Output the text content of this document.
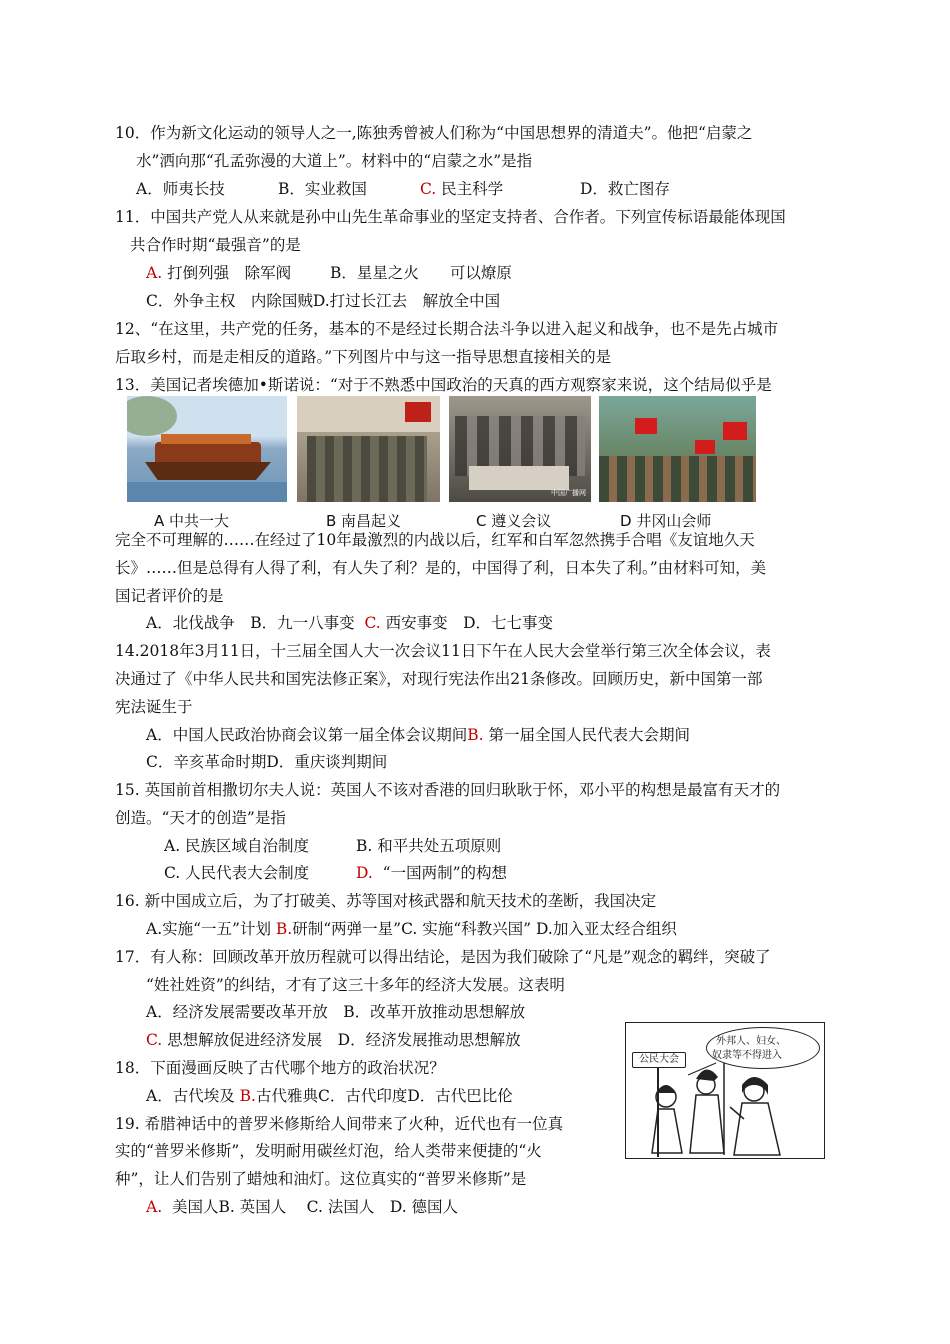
10．作为新文化运动的领导人之一,陈独秀曾被人们称为“中国思想界的清道夫”。他把“启蒙之
水”洒向那“孔孟弥漫的大道上”。材料中的“启蒙之水”是指
A．师夷长技	B．实业救国	C. 民主科学	D．救亡图存
11．中国共产党人从来就是孙中山先生革命事业的坚定支持者、合作者。下列宣传标语最能体现国
共合作时期“最强音”的是
A. 打倒列强　除军阀	B．星星之火　　可以燎原
C．外争主权　内除国贼D.打过长江去　解放全中国
12、“在这里，共产党的任务，基本的不是经过长期合法斗争以进入起义和战争，也不是先占城市
后取乡村，而是走相反的道路。”下列图片中与这一指导思想直接相关的是
13．美国记者埃德加•斯诺说：“对于不熟悉中国政治的天真的西方观察家来说，这个结局似乎是
中国广播网
A 中共一大	B 南昌起义	C 遵义会议	D 井冈山会师
完全不可理解的……在经过了10年最激烈的内战以后，红军和白军忽然携手合唱《友谊地久天
长》……但是总得有人得了利，有人失了利？是的，中国得了利，日本失了利。”由材料可知，美
国记者评价的是
A．北伐战争　B．九一八事变 C. 西安事变　D．七七事变
14.2018年3月11日，十三届全国人大一次会议11日下午在人民大会堂举行第三次全体会议，表
决通过了《中华人民共和国宪法修正案》，对现行宪法作出21条修改。回顾历史，新中国第一部
宪法诞生于
A．中国人民政治协商会议第一届全体会议期间B. 第一届全国人民代表大会期间
C．辛亥革命时期D．重庆谈判期间
15. 英国前首相撒切尔夫人说：英国人不该对香港的回归耿耿于怀，邓小平的构想是最富有天才的
创造。“天才的创造”是指
A. 民族区域自治制度	B. 和平共处五项原则
C. 人民代表大会制度	D. “一国两制”的构想
16. 新中国成立后，为了打破美、苏等国对核武器和航天技术的垄断，我国决定
A.实施“一五”计划 B.研制“两弹一星”C. 实施“科教兴国” D.加入亚太经合组织
17．有人称：回顾改革开放历程就可以得出结论，是因为我们破除了“凡是”观念的羁绊，突破了
“姓社姓资”的纠结，才有了这三十多年的经济大发展。这表明
A．经济发展需要改革开放　B．改革开放推动思想解放
C. 思想解放促进经济发展　D．经济发展推动思想解放
18．下面漫画反映了古代哪个地方的政治状况？
A．古代埃及 B.古代雅典C．古代印度D．古代巴比伦
公民大会
外邦人、妇女、
奴隶等不得进入
19. 希腊神话中的普罗米修斯给人间带来了火种，近代也有一位真
实的“普罗米修斯”，发明耐用碳丝灯泡，给人类带来便捷的“火
种”，让人们告别了蜡烛和油灯。这位真实的“普罗米修斯”是
A. 美国人B. 英国人　 C. 法国人　D. 德国人
